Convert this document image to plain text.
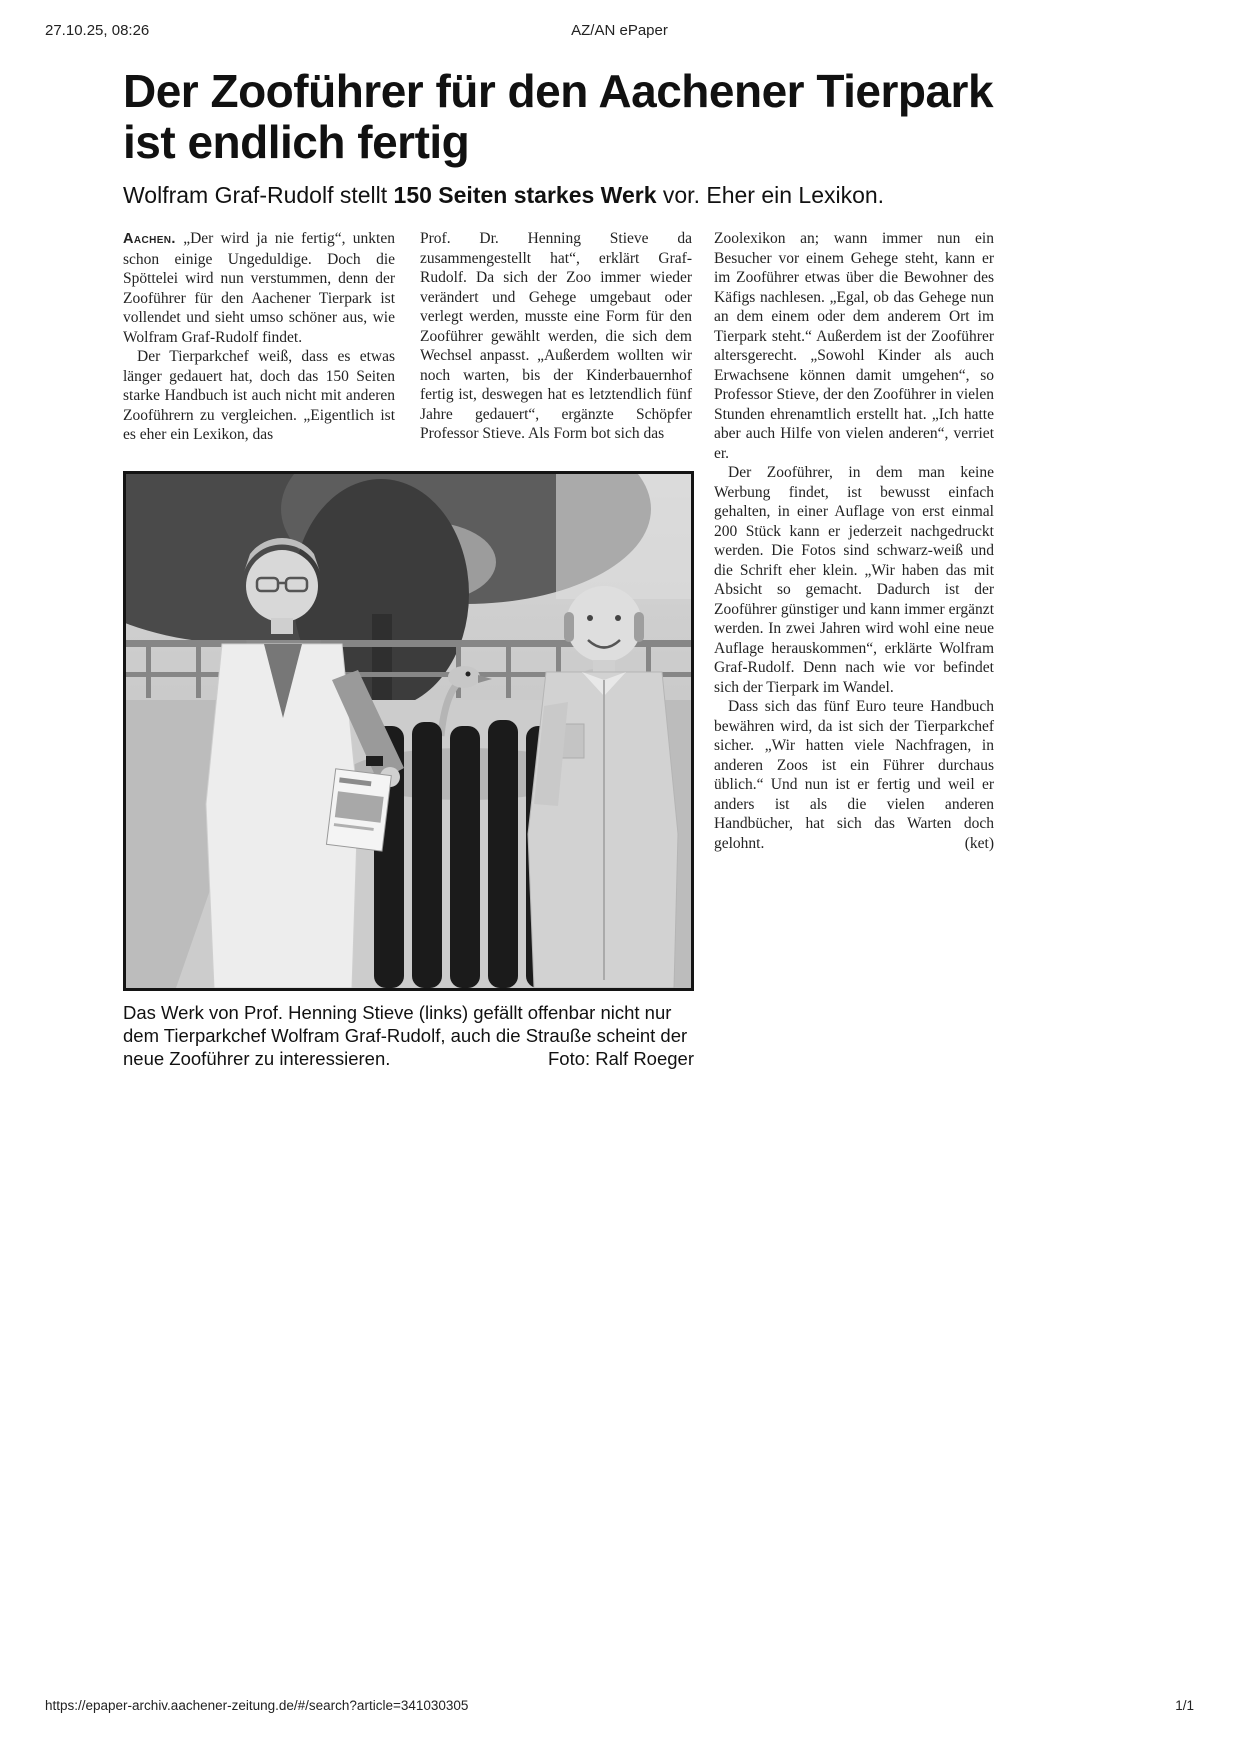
27.10.25, 08:26	AZ/AN ePaper
Der Zooführer für den Aachener Tierpark ist endlich fertig
Wolfram Graf-Rudolf stellt 150 Seiten starkes Werk vor. Eher ein Lexikon.

Aachen. „Der wird ja nie fertig“, unkten schon einige Ungeduldige. Doch die Spöttelei wird nun verstummen, denn der Zooführer für den Aachener Tierpark ist vollendet und sieht umso schöner aus, wie Wolfram Graf-Rudolf findet.

Der Tierparkchef weiß, dass es etwas länger gedauert hat, doch das 150 Seiten starke Handbuch ist auch nicht mit anderen Zooführern zu vergleichen. „Eigentlich ist es eher ein Lexikon, das

Prof. Dr. Henning Stieve da zusammengestellt hat“, erklärt Graf-Rudolf. Da sich der Zoo immer wieder verändert und Gehege umgebaut oder verlegt werden, musste eine Form für den Zooführer gewählt werden, die sich dem Wechsel anpasst. „Außerdem wollten wir noch warten, bis der Kinderbauernhof fertig ist, deswegen hat es letztendlich fünf Jahre gedauert“, ergänzte Schöpfer Professor Stieve. Als Form bot sich das

Das Werk von Prof. Henning Stieve (links) gefällt offenbar nicht nur dem Tierparkchef Wolfram Graf-Rudolf, auch die Strauße scheint der neue Zooführer zu interessieren.	Foto: Ralf Roeger

Zoolexikon an; wann immer nun ein Besucher vor einem Gehege steht, kann er im Zooführer etwas über die Bewohner des Käfigs nachlesen. „Egal, ob das Gehege nun an dem einem oder dem anderem Ort im Tierpark steht.“ Außerdem ist der Zooführer altersgerecht. „Sowohl Kinder als auch Erwachsene können damit umgehen“, so Professor Stieve, der den Zooführer in vielen Stunden ehrenamtlich erstellt hat. „Ich hatte aber auch Hilfe von vielen anderen“, verriet er.

Der Zooführer, in dem man keine Werbung findet, ist bewusst einfach gehalten, in einer Auflage von erst einmal 200 Stück kann er jederzeit nachgedruckt werden. Die Fotos sind schwarz-weiß und die Schrift eher klein. „Wir haben das mit Absicht so gemacht. Dadurch ist der Zooführer günstiger und kann immer ergänzt werden. In zwei Jahren wird wohl eine neue Auflage herauskommen“, erklärte Wolfram Graf-Rudolf. Denn nach wie vor befindet sich der Tierpark im Wandel.

Dass sich das fünf Euro teure Handbuch bewähren wird, da ist sich der Tierparkchef sicher. „Wir hatten viele Nachfragen, in anderen Zoos ist ein Führer durchaus üblich.“ Und nun ist er fertig und weil er anders ist als die vielen anderen Handbücher, hat sich das Warten doch gelohnt.	(ket)

https://epaper-archiv.aachener-zeitung.de/#/search?article=341030305	1/1
